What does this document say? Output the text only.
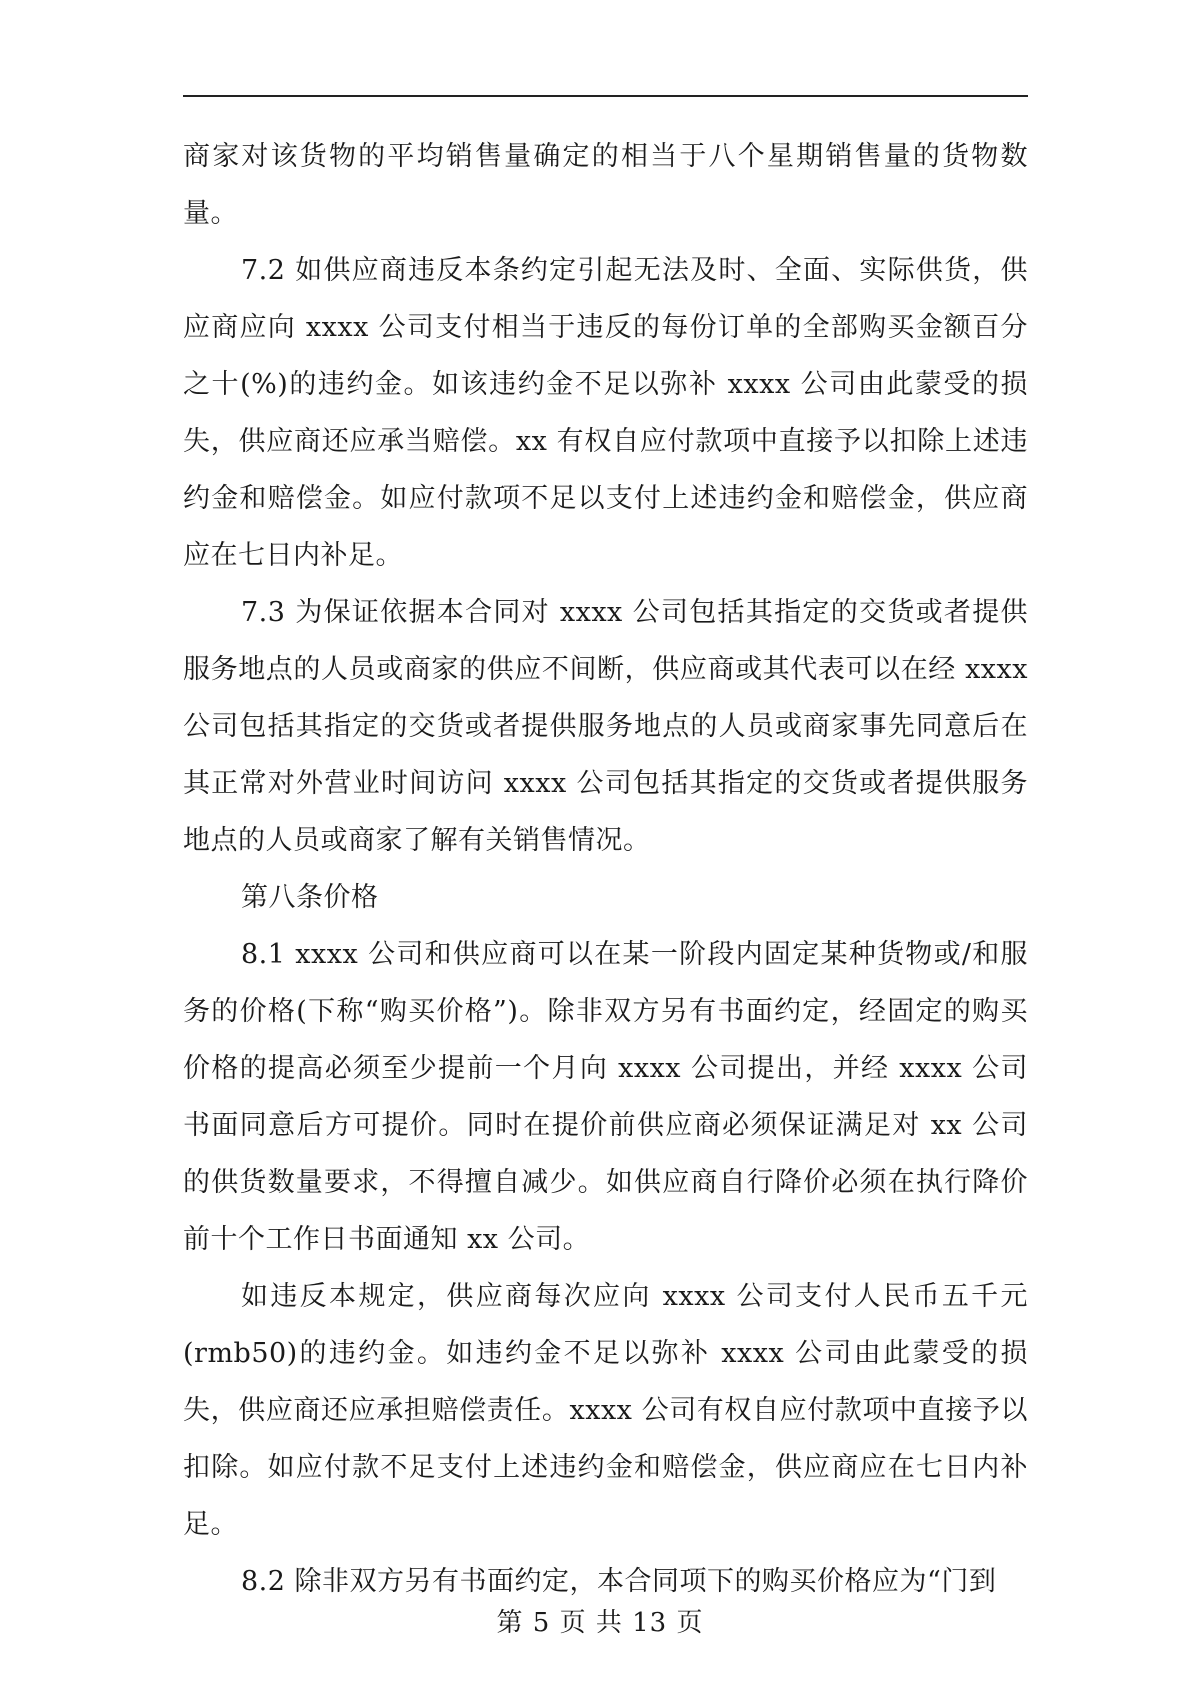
商家对该货物的平均销售量确定的相当于八个星期销售量的货物数量。

7.2 如供应商违反本条约定引起无法及时、全面、实际供货，供应商应向 xxxx 公司支付相当于违反的每份订单的全部购买金额百分之十(%)的违约金。如该违约金不足以弥补 xxxx 公司由此蒙受的损失，供应商还应承当赔偿。xx 有权自应付款项中直接予以扣除上述违约金和赔偿金。如应付款项不足以支付上述违约金和赔偿金，供应商应在七日内补足。

7.3 为保证依据本合同对 xxxx 公司包括其指定的交货或者提供服务地点的人员或商家的供应不间断，供应商或其代表可以在经 xxxx 公司包括其指定的交货或者提供服务地点的人员或商家事先同意后在其正常对外营业时间访问 xxxx 公司包括其指定的交货或者提供服务地点的人员或商家了解有关销售情况。

第八条价格

8.1 xxxx 公司和供应商可以在某一阶段内固定某种货物或/和服务的价格(下称“购买价格”)。除非双方另有书面约定，经固定的购买价格的提高必须至少提前一个月向 xxxx 公司提出，并经 xxxx 公司书面同意后方可提价。同时在提价前供应商必须保证满足对 xx 公司的供货数量要求，不得擅自减少。如供应商自行降价必须在执行降价前十个工作日书面通知 xx 公司。

如违反本规定，供应商每次应向 xxxx 公司支付人民币五千元(rmb50)的违约金。如违约金不足以弥补 xxxx 公司由此蒙受的损失，供应商还应承担赔偿责任。xxxx 公司有权自应付款项中直接予以扣除。如应付款不足支付上述违约金和赔偿金，供应商应在七日内补足。

8.2 除非双方另有书面约定，本合同项下的购买价格应为“门到

第 5 页 共 13 页
